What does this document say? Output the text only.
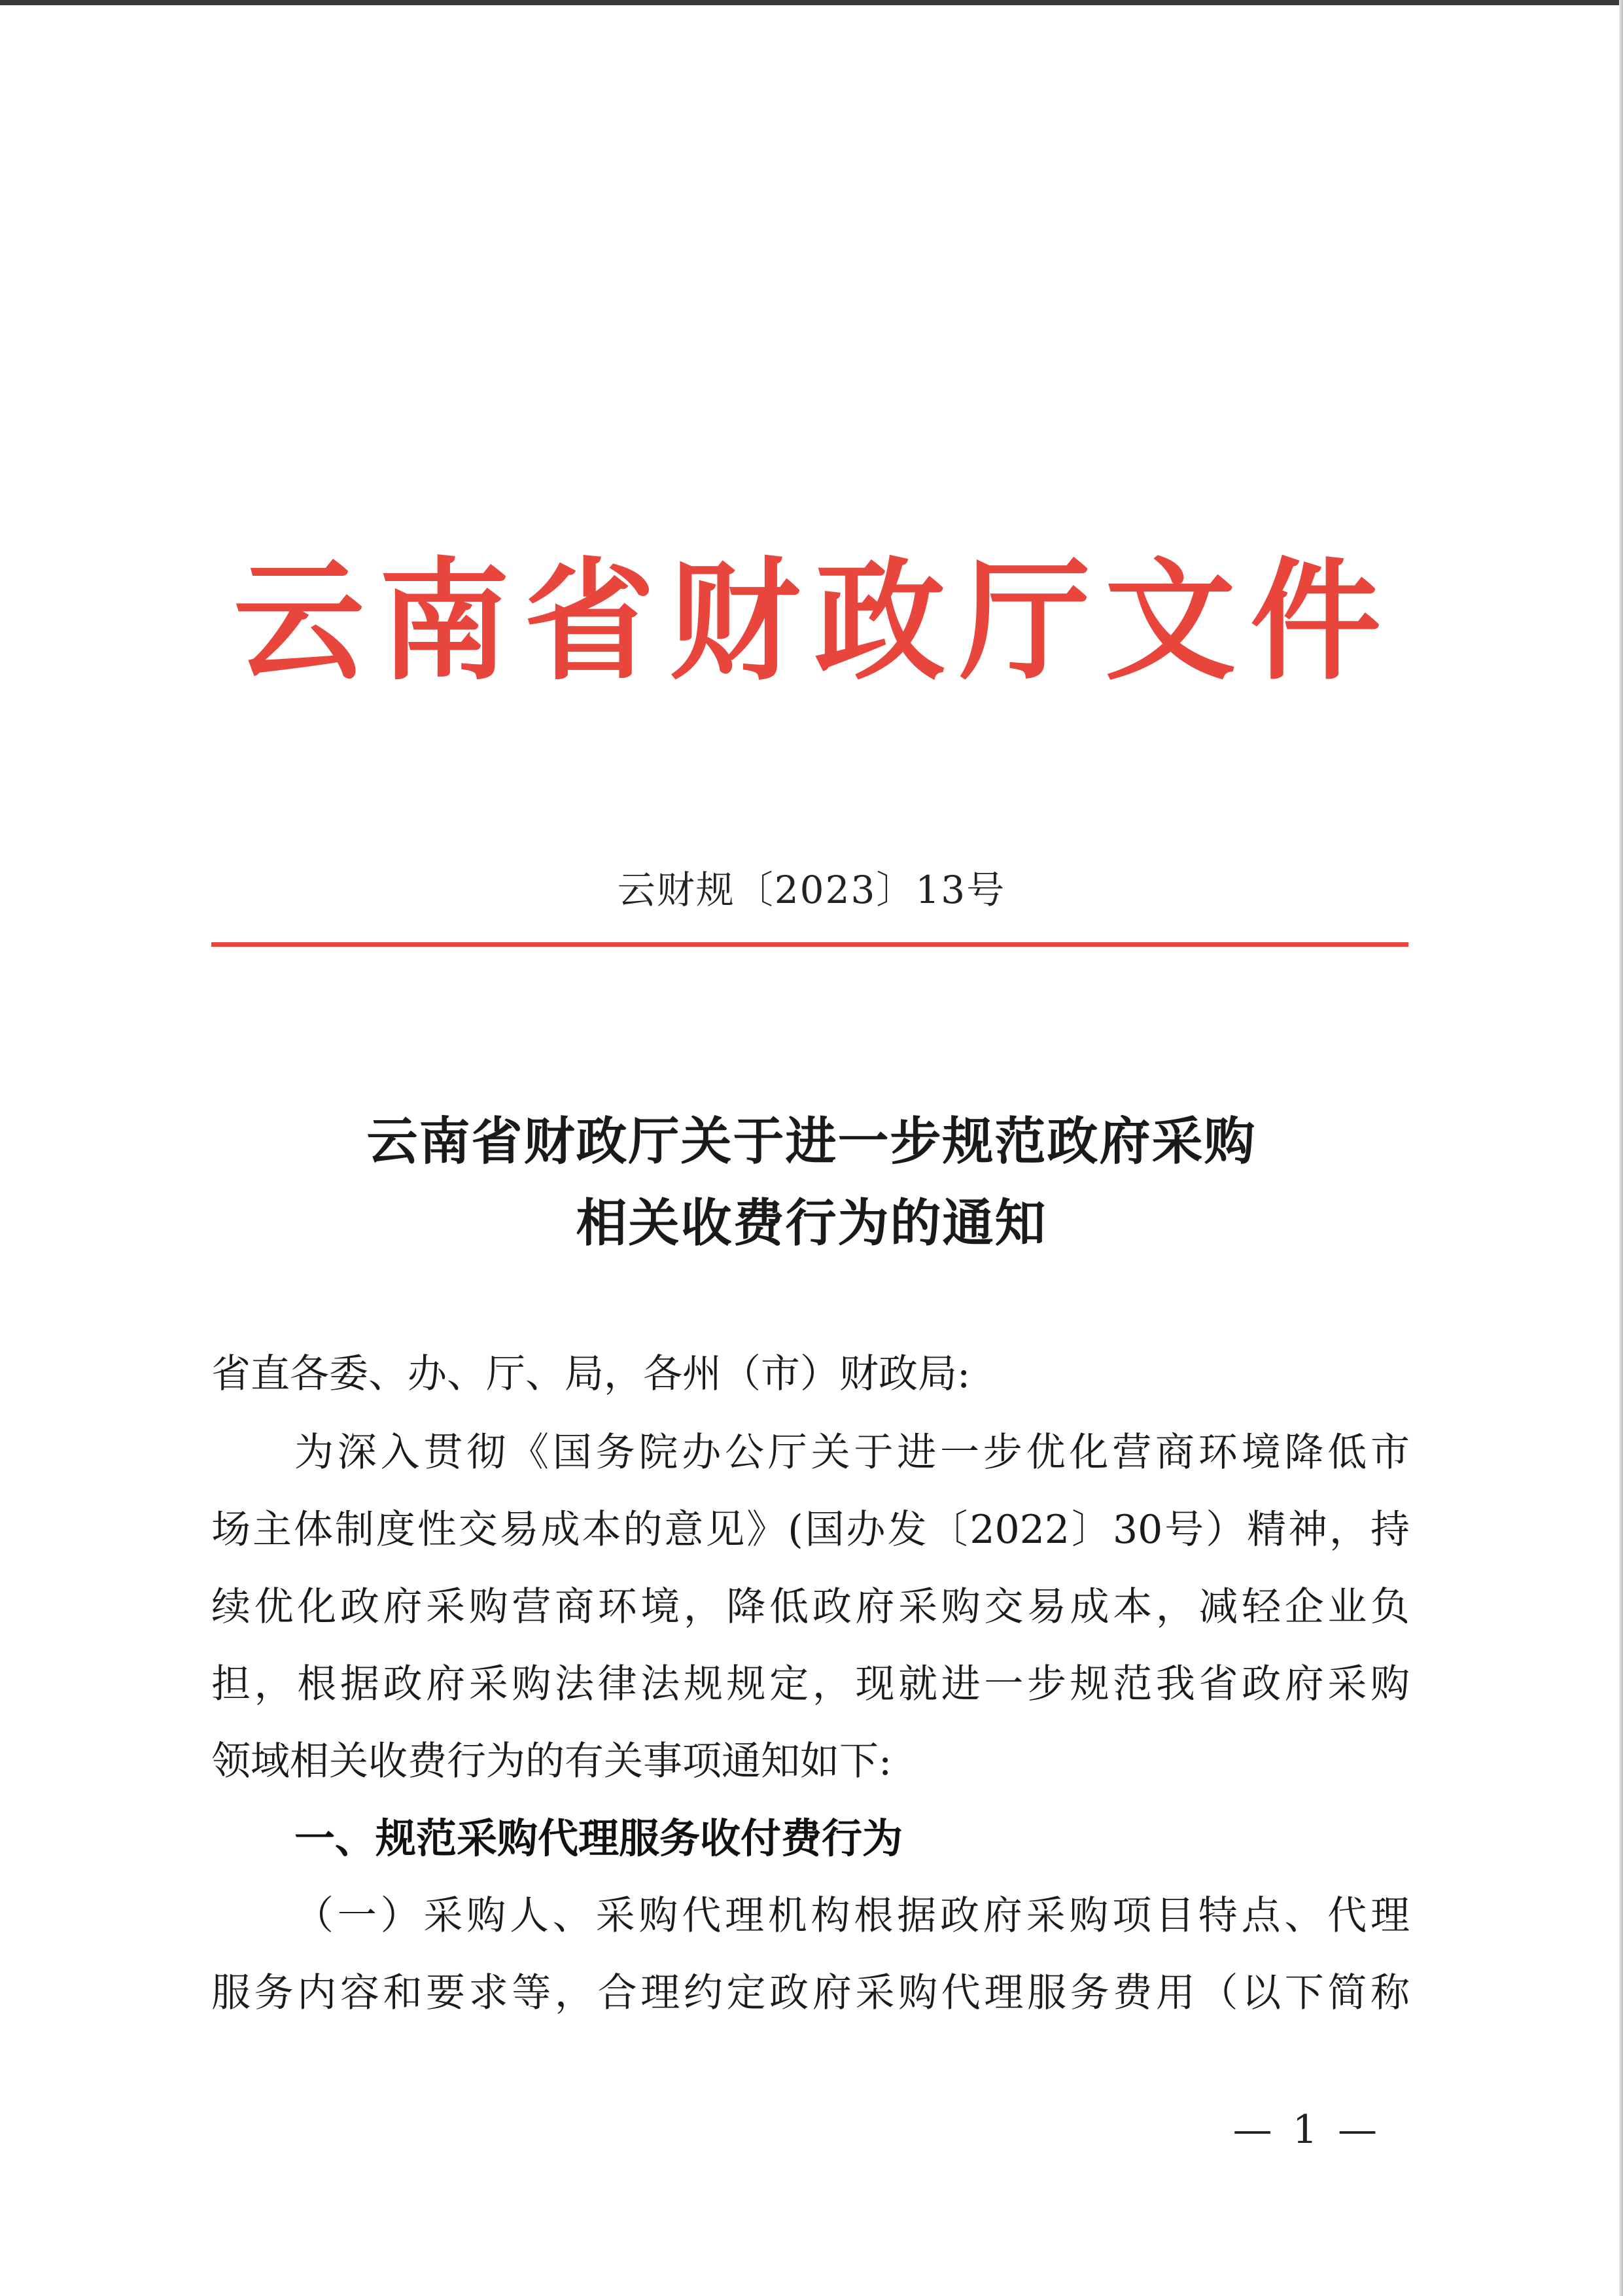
云南省财政厅文件
云财规〔2023〕13号
云南省财政厅关于进一步规范政府采购
相关收费行为的通知
省直各委、办、厅、局，各州（市）财政局:
为深入贯彻《国务院办公厅关于进一步优化营商环境降低市
场主体制度性交易成本的意见》(国办发〔2022〕30号）精神，持
续优化政府采购营商环境，降低政府采购交易成本，减轻企业负
担，根据政府采购法律法规规定，现就进一步规范我省政府采购
领域相关收费行为的有关事项通知如下:
一、规范采购代理服务收付费行为
（一）采购人、采购代理机构根据政府采购项目特点、代理
服务内容和要求等，合理约定政府采购代理服务费用（以下简称
— 1 —
